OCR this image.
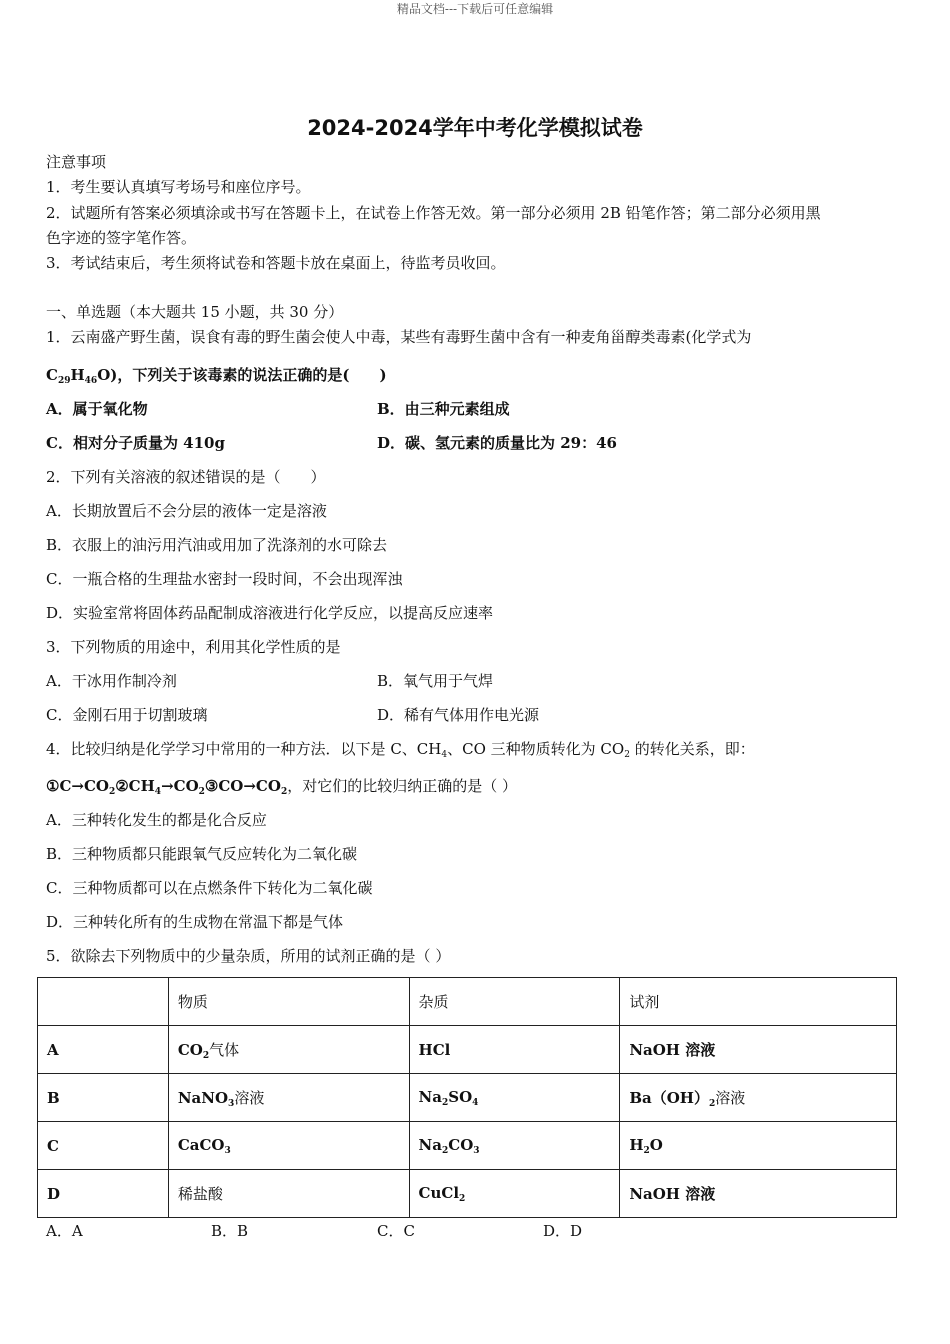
精品文档---下载后可任意编辑
2024-2024学年中考化学模拟试卷
注意事项
1．考生要认真填写考场号和座位序号。
2．试题所有答案必须填涂或书写在答题卡上，在试卷上作答无效。第一部分必须用 2B 铅笔作答；第二部分必须用黑
色字迹的签字笔作答。
3．考试结束后，考生须将试卷和答题卡放在桌面上，待监考员收回。
一、单选题（本大题共 15 小题，共 30 分）
1．云南盛产野生菌，误食有毒的野生菌会使人中毒，某些有毒野生菌中含有一种麦角甾醇类毒素(化学式为
$C_{29}H_{46}O$)，下列关于该毒素的说法正确的是(　　)
A．属于氧化物	B．由三种元素组成
C．相对分子质量为 410g	D．碳、氢元素的质量比为 29：46
2．下列有关溶液的叙述错误的是（　　）
A．长期放置后不会分层的液体一定是溶液
B．衣服上的油污用汽油或用加了洗涤剂的水可除去
C．一瓶合格的生理盐水密封一段时间，不会出现浑浊
D．实验室常将固体药品配制成溶液进行化学反应，以提高反应速率
3．下列物质的用途中，利用其化学性质的是
A．干冰用作制冷剂	B．氧气用于气焊
C．金刚石用于切割玻璃	D．稀有气体用作电光源
4．比较归纳是化学学习中常用的一种方法．以下是 C、$CH_4$、CO 三种物质转化为 $CO_2$ 的转化关系，即：
$①C\to CO_2②CH_4\to CO_2③CO\to CO_2$，对它们的比较归纳正确的是（ ）
A．三种转化发生的都是化合反应
B．三种物质都只能跟氧气反应转化为二氧化碳
C．三种物质都可以在点燃条件下转化为二氧化碳
D．三种转化所有的生成物在常温下都是气体
5．欲除去下列物质中的少量杂质，所用的试剂正确的是（ ）
	物质	杂质	试剂
A	$CO_2$气体	HCl	NaOH 溶液
B	NaNO$_3$溶液	$Na_2SO_4$	$Ba(OH)_2$溶液
C	CaCO$_3$	$Na_2CO_3$	$H_2O$
D	稀盐酸	CuCl$_2$	NaOH 溶液
A．A	B．B	C．C	D．D
